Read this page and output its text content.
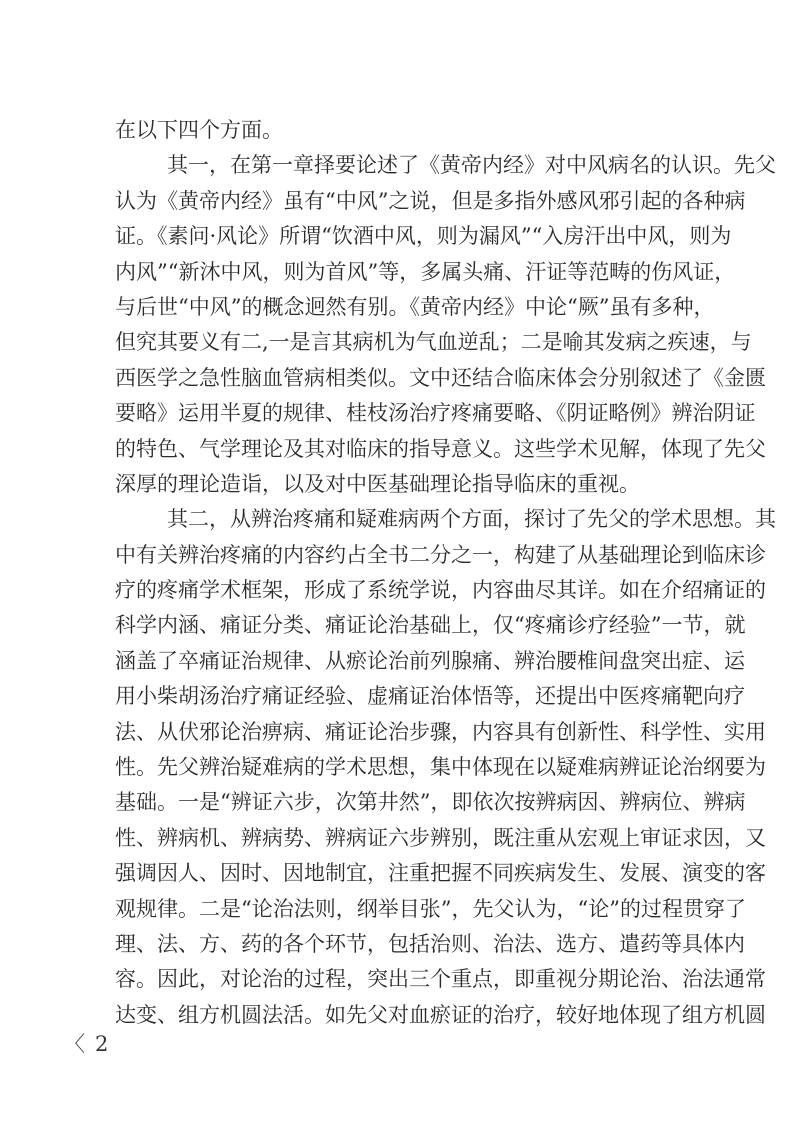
在以下四个方面。
其一，在第一章择要论述了《黄帝内经》对中风病名的认识。先父
认为《黄帝内经》虽有“中风”之说，但是多指外感风邪引起的各种病
证。《素问·风论》所谓“饮酒中风，则为漏风”“入房汗出中风，则为
内风”“新沐中风，则为首风”等，多属头痛、汗证等范畴的伤风证，
与后世“中风”的概念迥然有别。《黄帝内经》中论“厥”虽有多种，
但究其要义有二,一是言其病机为气血逆乱；二是喻其发病之疾速，与
西医学之急性脑血管病相类似。文中还结合临床体会分别叙述了《金匮
要略》运用半夏的规律、桂枝汤治疗疼痛要略、《阴证略例》辨治阴证
的特色、气学理论及其对临床的指导意义。这些学术见解，体现了先父
深厚的理论造诣，以及对中医基础理论指导临床的重视。
其二，从辨治疼痛和疑难病两个方面，探讨了先父的学术思想。其
中有关辨治疼痛的内容约占全书二分之一，构建了从基础理论到临床诊
疗的疼痛学术框架，形成了系统学说，内容曲尽其详。如在介绍痛证的
科学内涵、痛证分类、痛证论治基础上，仅“疼痛诊疗经验”一节，就
涵盖了卒痛证治规律、从瘀论治前列腺痛、辨治腰椎间盘突出症、运
用小柴胡汤治疗痛证经验、虚痛证治体悟等，还提出中医疼痛靶向疗
法、从伏邪论治痹病、痛证论治步骤，内容具有创新性、科学性、实用
性。先父辨治疑难病的学术思想，集中体现在以疑难病辨证论治纲要为
基础。一是“辨证六步，次第井然”，即依次按辨病因、辨病位、辨病
性、辨病机、辨病势、辨病证六步辨别，既注重从宏观上审证求因，又
强调因人、因时、因地制宜，注重把握不同疾病发生、发展、演变的客
观规律。二是“论治法则，纲举目张”，先父认为，“论”的过程贯穿了
理、法、方、药的各个环节，包括治则、治法、选方、遣药等具体内
容。因此，对论治的过程，突出三个重点，即重视分期论治、治法通常
达变、组方机圆法活。如先父对血瘀证的治疗，较好地体现了组方机圆
〈 2
